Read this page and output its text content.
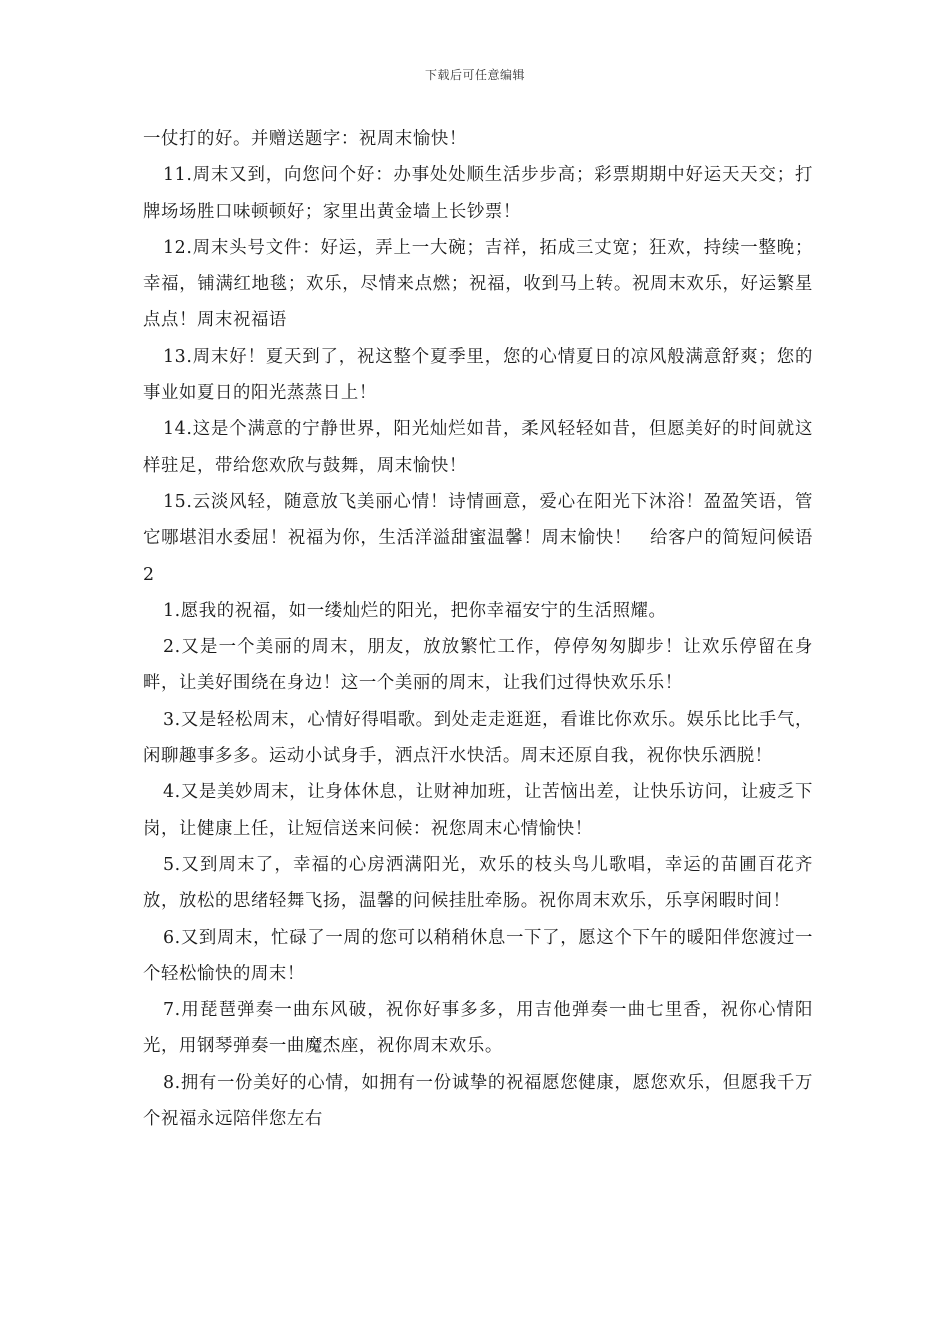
下载后可任意编辑

一仗打的好。并赠送题字：祝周末愉快！

11.周末又到，向您问个好：办事处处顺生活步步高；彩票期期中好运天天交；打牌场场胜口味顿顿好；家里出黄金墙上长钞票！

12.周末头号文件：好运，弄上一大碗；吉祥，拓成三丈宽；狂欢，持续一整晚；幸福，铺满红地毯；欢乐，尽情来点燃；祝福，收到马上转。祝周末欢乐，好运繁星点点！周末祝福语

13.周末好！夏天到了，祝这整个夏季里，您的心情夏日的凉风般满意舒爽；您的事业如夏日的阳光蒸蒸日上！

14.这是个满意的宁静世界，阳光灿烂如昔，柔风轻轻如昔，但愿美好的时间就这样驻足，带给您欢欣与鼓舞，周末愉快！

15.云淡风轻，随意放飞美丽心情！诗情画意，爱心在阳光下沐浴！盈盈笑语，管它哪堪泪水委屈！祝福为你，生活洋溢甜蜜温馨！周末愉快！　给客户的简短问候语2

1.愿我的祝福，如一缕灿烂的阳光，把你幸福安宁的生活照耀。

2.又是一个美丽的周末，朋友，放放繁忙工作，停停匆匆脚步！让欢乐停留在身畔，让美好围绕在身边！这一个美丽的周末，让我们过得快欢乐乐！

3.又是轻松周末，心情好得唱歌。到处走走逛逛，看谁比你欢乐。娱乐比比手气，闲聊趣事多多。运动小试身手，洒点汗水快活。周末还原自我，祝你快乐洒脱！

4.又是美妙周末，让身体休息，让财神加班，让苦恼出差，让快乐访问，让疲乏下岗，让健康上任，让短信送来问候：祝您周末心情愉快！

5.又到周末了，幸福的心房洒满阳光，欢乐的枝头鸟儿歌唱，幸运的苗圃百花齐放，放松的思绪轻舞飞扬，温馨的问候挂肚牵肠。祝你周末欢乐，乐享闲暇时间！

6.又到周末，忙碌了一周的您可以稍稍休息一下了，愿这个下午的暖阳伴您渡过一个轻松愉快的周末！

7.用琵琶弹奏一曲东风破，祝你好事多多，用吉他弹奏一曲七里香，祝你心情阳光，用钢琴弹奏一曲魔杰座，祝你周末欢乐。

8.拥有一份美好的心情，如拥有一份诚挚的祝福愿您健康，愿您欢乐，但愿我千万个祝福永远陪伴您左右
